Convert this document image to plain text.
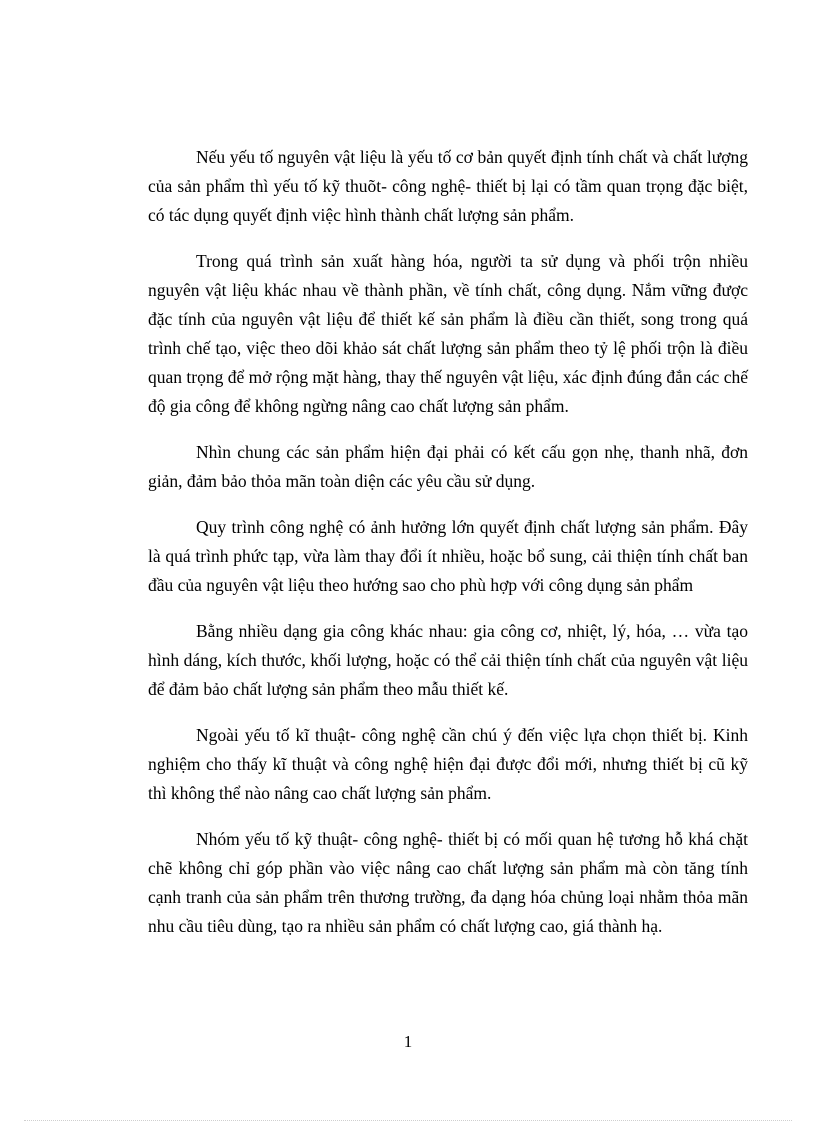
Nếu yếu tố nguyên vật liệu là yếu tố cơ bản quyết định tính chất và chất lượng của sản phẩm thì yếu tố kỹ thuõt- công nghệ- thiết bị lại có tầm quan trọng đặc biệt, có tác dụng quyết định việc hình thành chất lượng sản phẩm.

Trong quá trình sản xuất hàng hóa, người ta sử dụng và phối trộn nhiều nguyên vật liệu khác nhau về thành phần, về tính chất, công dụng. Nắm vững được đặc tính của nguyên vật liệu để thiết kế sản phẩm là điều cần thiết, song trong quá trình chế tạo, việc theo dõi khảo sát chất lượng sản phẩm theo tỷ lệ phối trộn là điều quan trọng để mở rộng mặt hàng, thay thế nguyên vật liệu, xác định đúng đắn các chế độ gia công để không ngừng nâng cao chất lượng sản phẩm.

Nhìn chung các sản phẩm hiện đại phải có kết cấu gọn nhẹ, thanh nhã, đơn giản, đảm bảo thỏa mãn toàn diện các yêu cầu sử dụng.

Quy trình công nghệ có ảnh hưởng lớn quyết định chất lượng sản phẩm. Đây là quá trình phức tạp, vừa làm thay đổi ít nhiều, hoặc bổ sung, cải thiện tính chất ban đầu của nguyên vật liệu theo hướng sao cho phù hợp với công dụng sản phẩm

Bằng nhiều dạng gia công khác nhau: gia công cơ, nhiệt, lý, hóa, … vừa tạo hình dáng, kích thước, khối lượng, hoặc có thể cải thiện tính chất của nguyên vật liệu để đảm bảo chất lượng sản phẩm theo mẫu thiết kế.

Ngoài yếu tố kĩ thuật- công nghệ cần chú ý đến việc lựa chọn thiết bị. Kinh nghiệm cho thấy kĩ thuật và công nghệ hiện đại được đổi mới, nhưng thiết bị cũ kỹ thì không thể nào nâng cao chất lượng sản phẩm.

Nhóm yếu tố kỹ thuật- công nghệ- thiết bị có mối quan hệ tương hỗ khá chặt chẽ không chỉ góp phần vào việc nâng cao chất lượng sản phẩm mà còn tăng tính cạnh tranh của sản phẩm trên thương trường, đa dạng hóa chủng loại nhằm thỏa mãn nhu cầu tiêu dùng, tạo ra nhiều sản phẩm có chất lượng cao, giá thành hạ.

1
